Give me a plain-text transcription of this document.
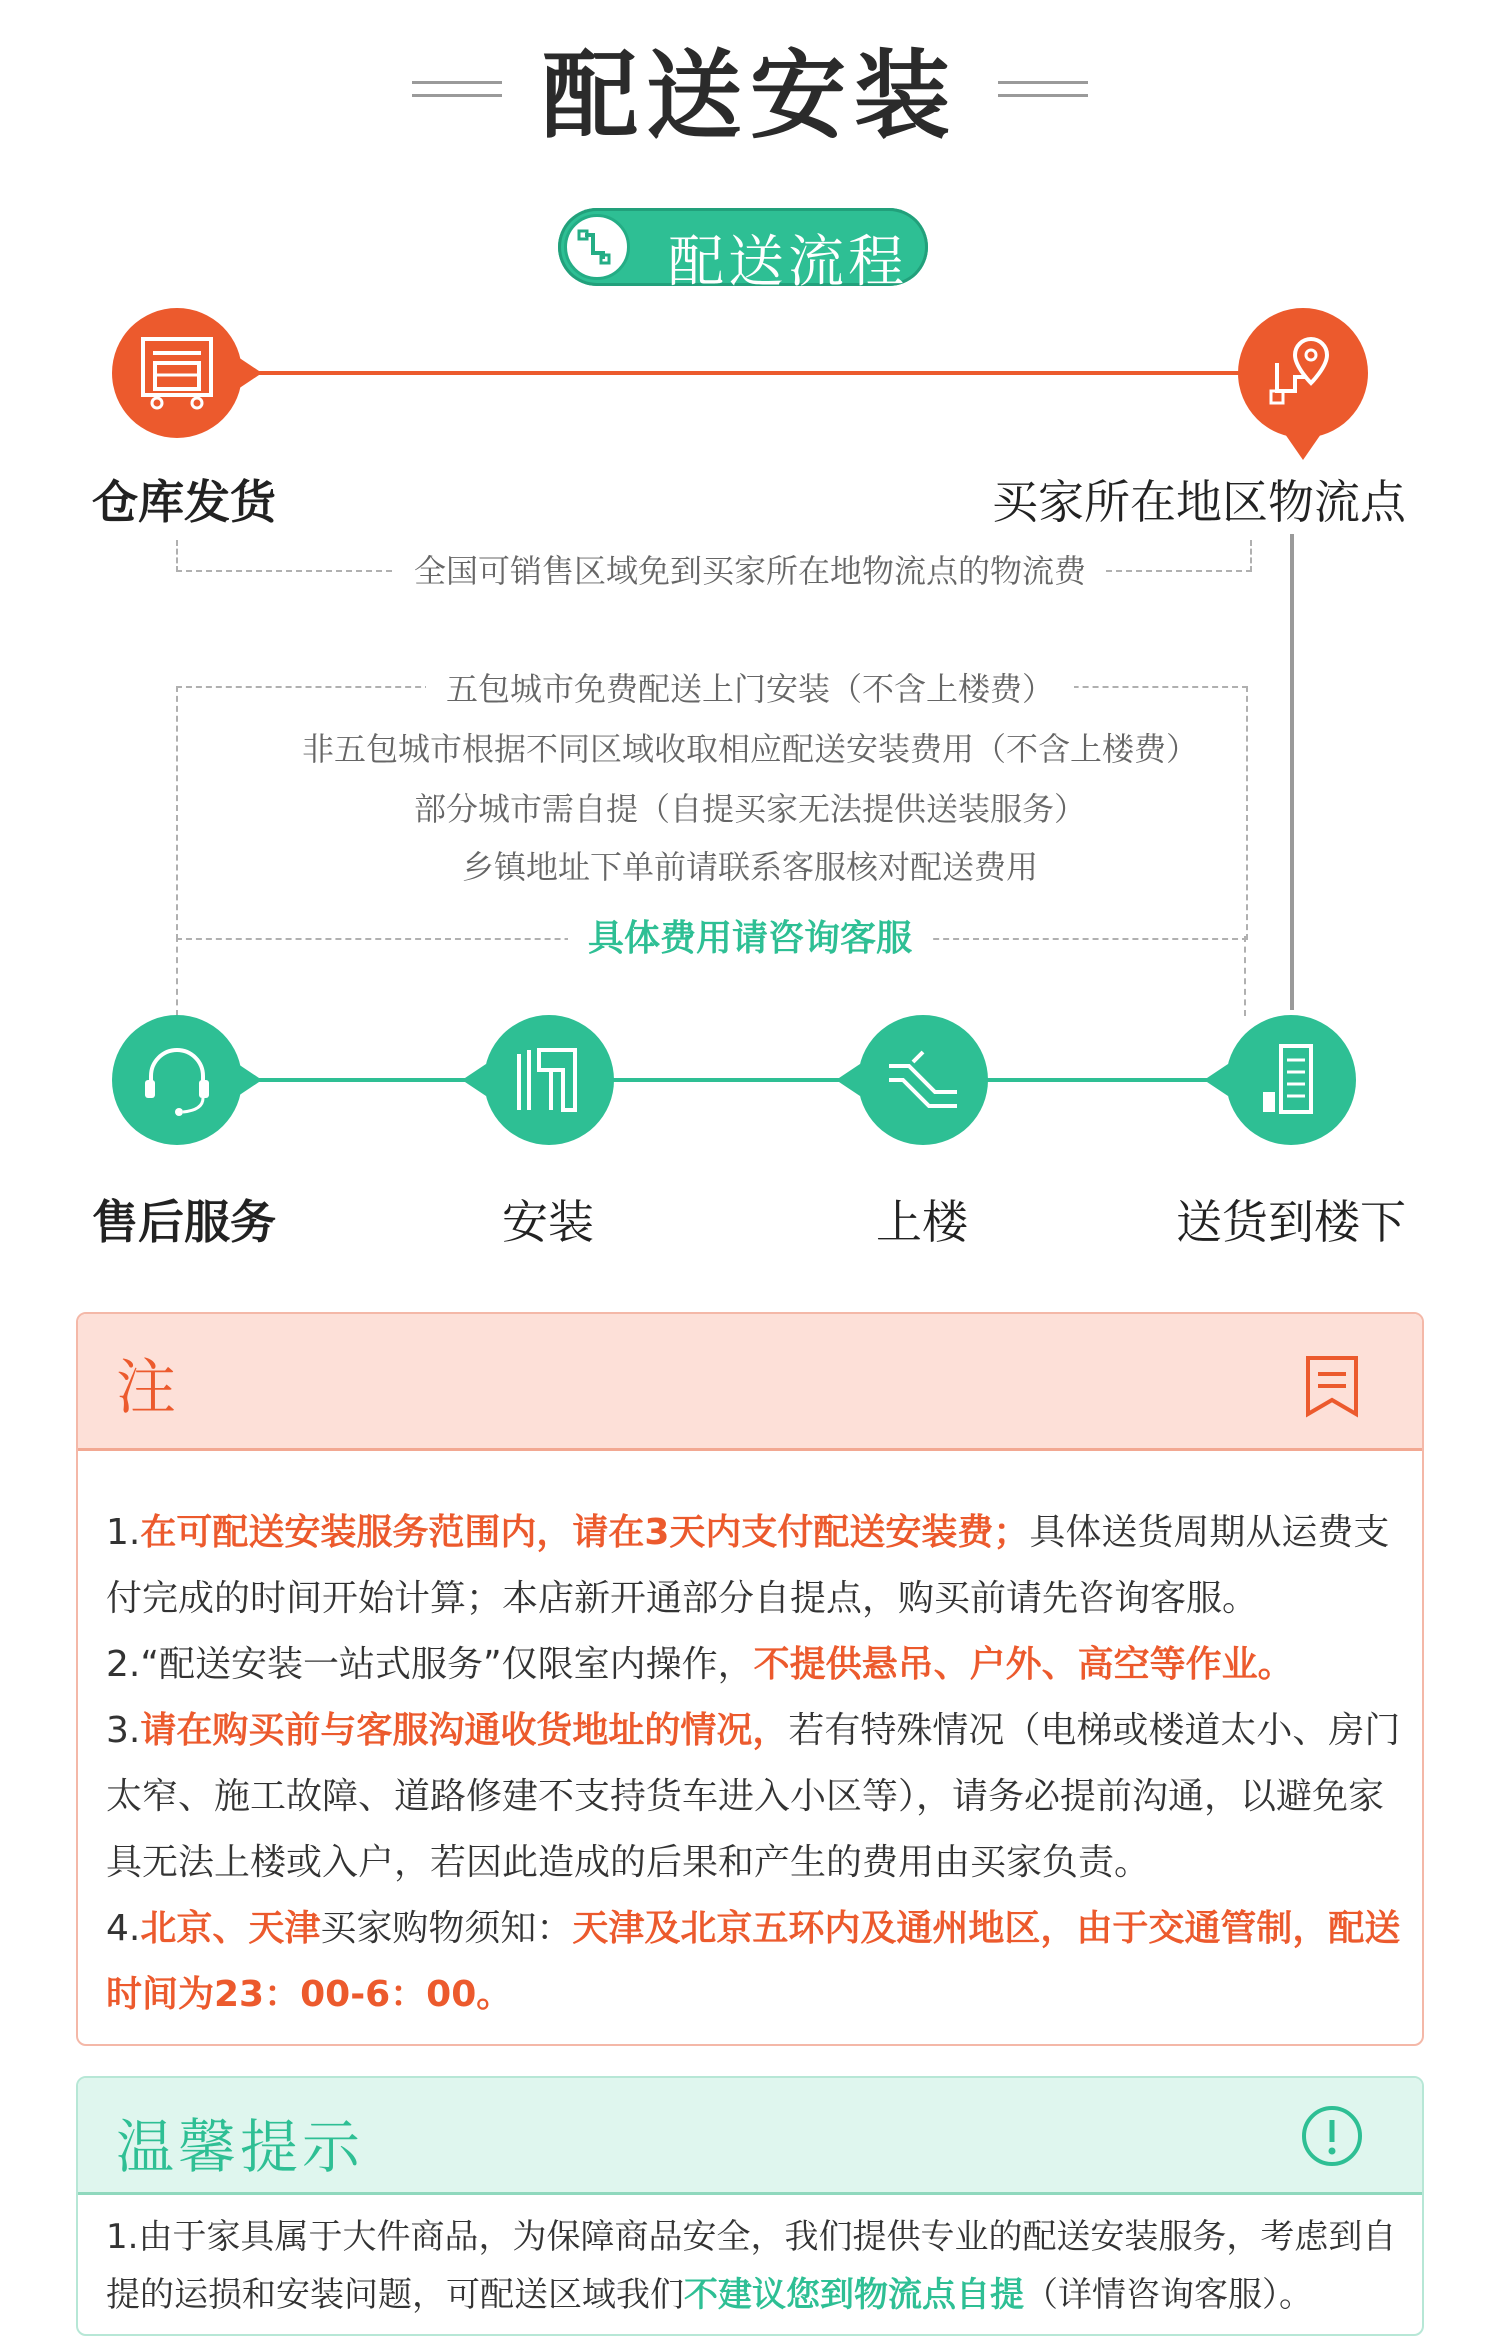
配送安装
配送流程
仓库发货	买家所在地区物流点
全国可销售区域免到买家所在地物流点的物流费
五包城市免费配送上门安装（不含上楼费）
非五包城市根据不同区域收取相应配送安装费用（不含上楼费）
部分城市需自提（自提买家无法提供送装服务）
乡镇地址下单前请联系客服核对配送费用
具体费用请咨询客服
售后服务	安装	上楼	送货到楼下
注
1.在可配送安装服务范围内，请在3天内支付配送安装费；具体送货周期从运费支付完成的时间开始计算；本店新开通部分自提点，购买前请先咨询客服。
2.“配送安装一站式服务”仅限室内操作，不提供悬吊、户外、高空等作业。
3.请在购买前与客服沟通收货地址的情况，若有特殊情况（电梯或楼道太小、房门太窄、施工故障、道路修建不支持货车进入小区等），请务必提前沟通，以避免家具无法上楼或入户，若因此造成的后果和产生的费用由买家负责。
4.北京、天津买家购物须知：天津及北京五环内及通州地区，由于交通管制，配送时间为23：00-6：00。
温馨提示
1.由于家具属于大件商品，为保障商品安全，我们提供专业的配送安装服务，考虑到自提的运损和安装问题，可配送区域我们不建议您到物流点自提（详情咨询客服）。
